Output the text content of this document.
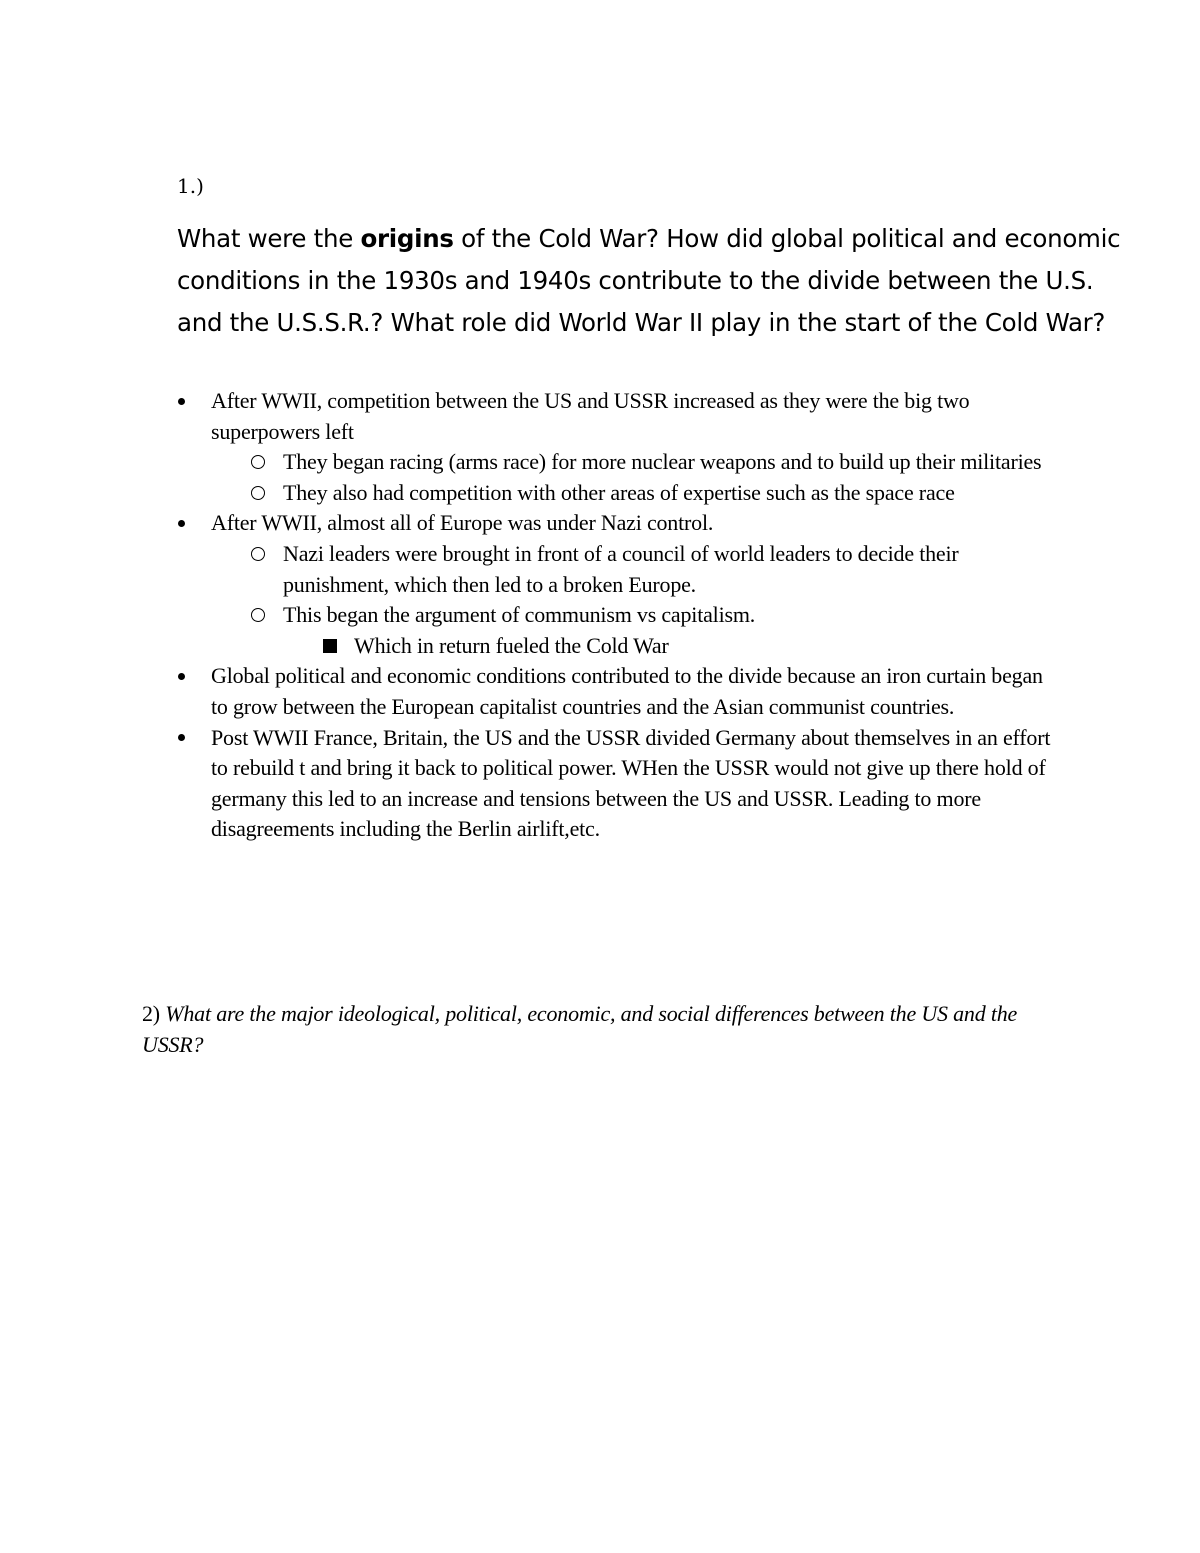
1.)
What were the origins of the Cold War? How did global political and economic conditions in the 1930s and 1940s contribute to the divide between the U.S. and the U.S.S.R.? What role did World War II play in the start of the Cold War?
After WWII, competition between the US and USSR increased as they were the big two superpowers left
They began racing (arms race) for more nuclear weapons and to build up their militaries
They also had competition with other areas of expertise such as the space race
After WWII, almost all of Europe was under Nazi control.
Nazi leaders were brought in front of a council of world leaders to decide their punishment, which then led to a broken Europe.
This began the argument of communism vs capitalism.
Which in return fueled the Cold War
Global political and economic conditions contributed to the divide because an iron curtain began to grow between the European capitalist countries and the Asian communist countries.
Post WWII France, Britain, the US and the USSR divided Germany about themselves in an effort to rebuild t and bring it back to political power. WHen the USSR would not give up there hold of germany this led to an increase and tensions between the US and USSR. Leading to more disagreements including the Berlin airlift,etc.
2) What are the major ideological, political, economic, and social differences between the US and the USSR?
